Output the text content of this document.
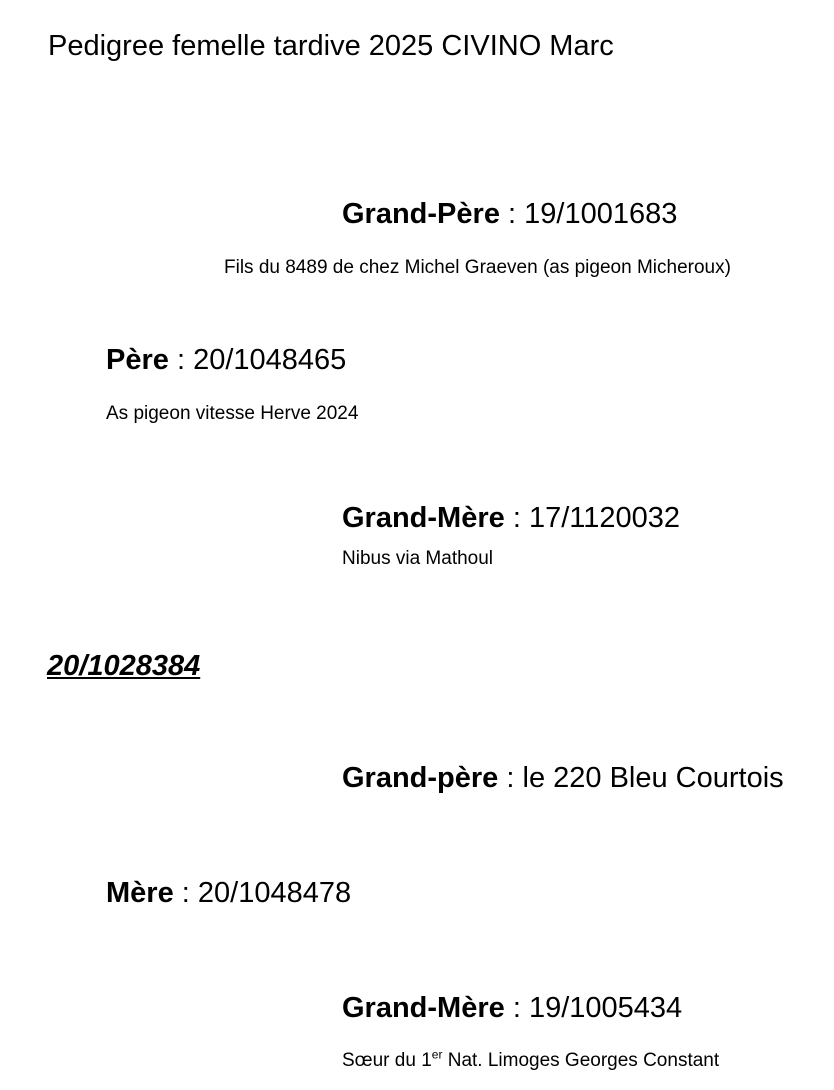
Pedigree femelle tardive 2025 CIVINO Marc
Grand-Père : 19/1001683
Fils du 8489 de chez Michel Graeven (as pigeon Micheroux)
Père : 20/1048465
As pigeon vitesse Herve 2024
Grand-Mère : 17/1120032
Nibus via Mathoul
20/1028384
Grand-père : le 220 Bleu Courtois
Mère : 20/1048478
Grand-Mère : 19/1005434
Sœur du 1er Nat. Limoges Georges Constant
